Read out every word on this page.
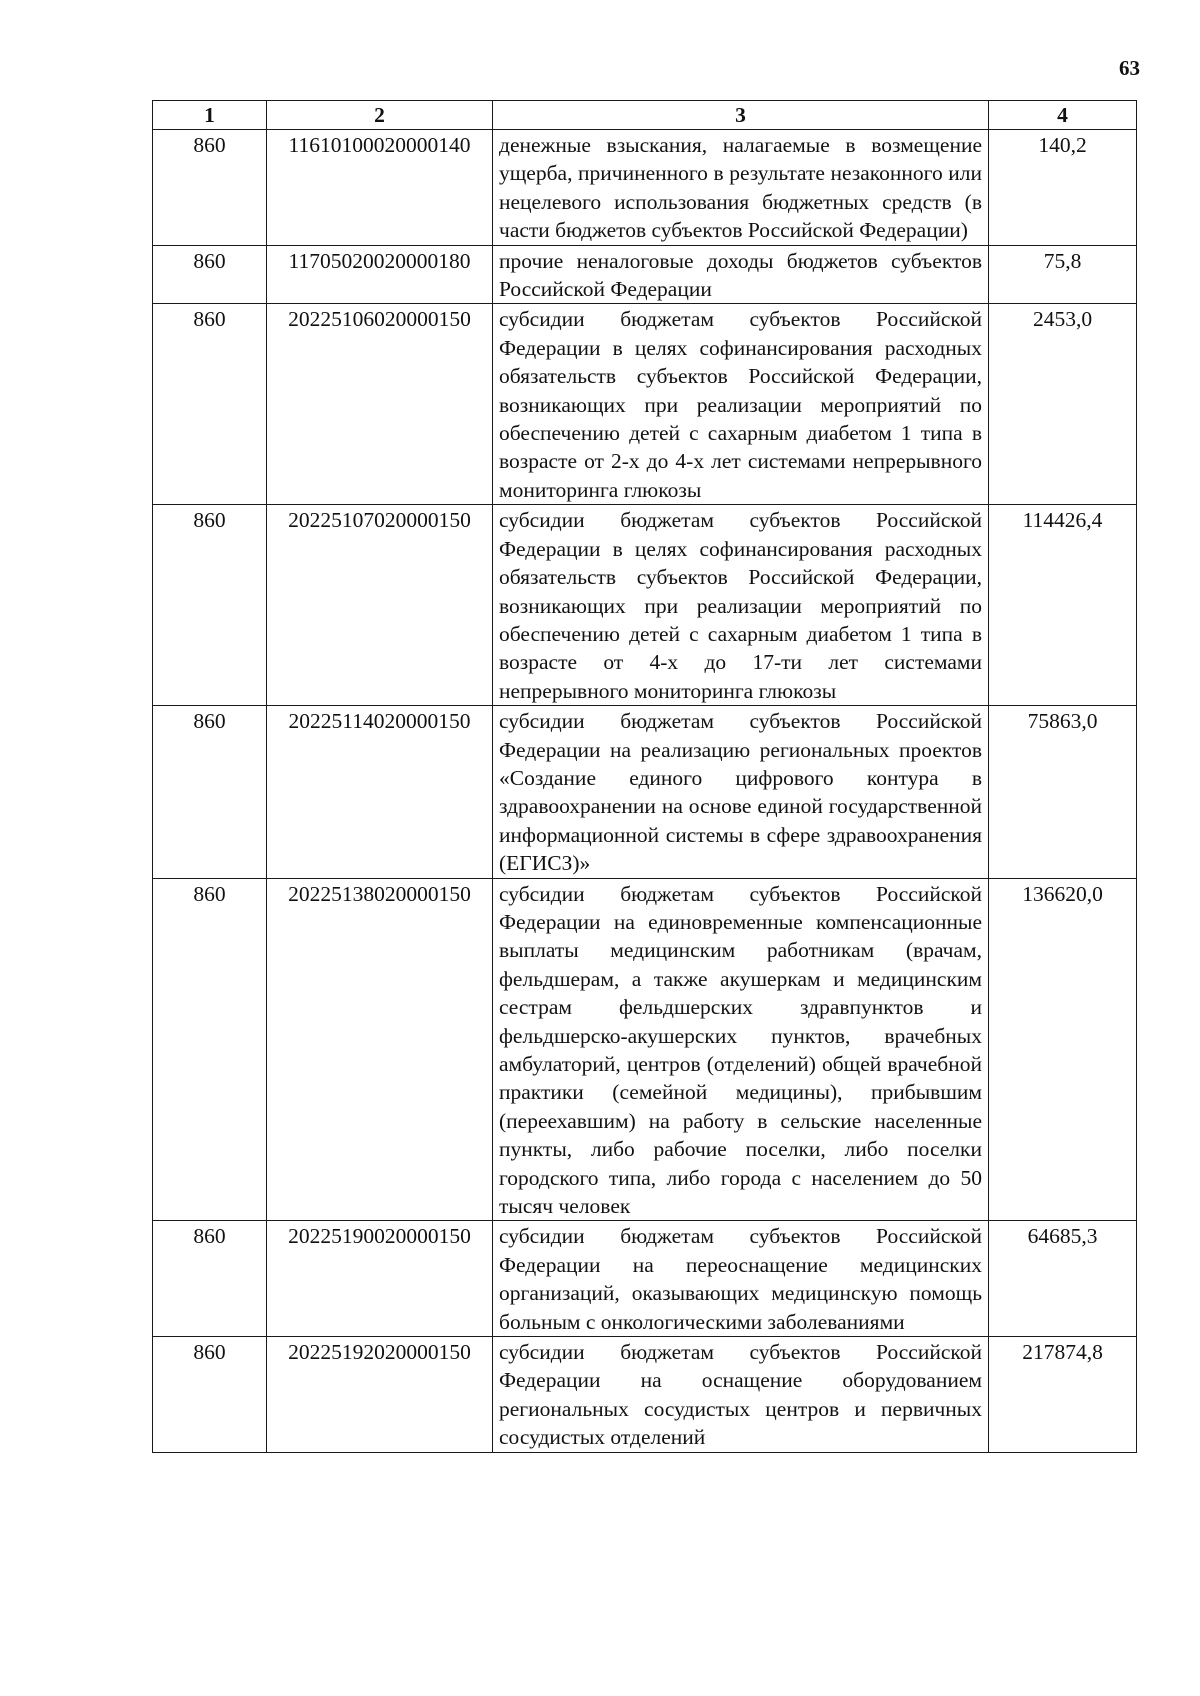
63
1	2	3	4
860	11610100020000140	денежные взыскания, налагаемые в возмещение ущерба, причиненного в результате незаконного или нецелевого использования бюджетных средств (в части бюджетов субъектов Российской Федерации)	140,2
860	11705020020000180	прочие неналоговые доходы бюджетов субъектов Российской Федерации	75,8
860	20225106020000150	субсидии бюджетам субъектов Российской Федерации в целях софинансирования расходных обязательств субъектов Российской Федерации, возникающих при реализации мероприятий по обеспечению детей с сахарным диабетом 1 типа в возрасте от 2-х до 4-х лет системами непрерывного мониторинга глюкозы	2453,0
860	20225107020000150	субсидии бюджетам субъектов Российской Федерации в целях софинансирования расходных обязательств субъектов Российской Федерации, возникающих при реализации мероприятий по обеспечению детей с сахарным диабетом 1 типа в возрасте от 4-х до 17-ти лет системами непрерывного мониторинга глюкозы	114426,4
860	20225114020000150	субсидии бюджетам субъектов Российской Федерации на реализацию региональных проектов «Создание единого цифрового контура в здравоохранении на основе единой государственной информационной системы в сфере здравоохранения (ЕГИСЗ)»	75863,0
860	20225138020000150	субсидии бюджетам субъектов Российской Федерации на единовременные компенсационные выплаты медицинским работникам (врачам, фельдшерам, а также акушеркам и медицинским сестрам фельдшерских здравпунктов и фельдшерско-акушерских пунктов, врачебных амбулаторий, центров (отделений) общей врачебной практики (семейной медицины), прибывшим (переехавшим) на работу в сельские населенные пункты, либо рабочие поселки, либо поселки городского типа, либо города с населением до 50 тысяч человек	136620,0
860	20225190020000150	субсидии бюджетам субъектов Российской Федерации на переоснащение медицинских организаций, оказывающих медицинскую помощь больным с онкологическими заболеваниями	64685,3
860	20225192020000150	субсидии бюджетам субъектов Российской Федерации на оснащение оборудованием региональных сосудистых центров и первичных сосудистых отделений	217874,8
